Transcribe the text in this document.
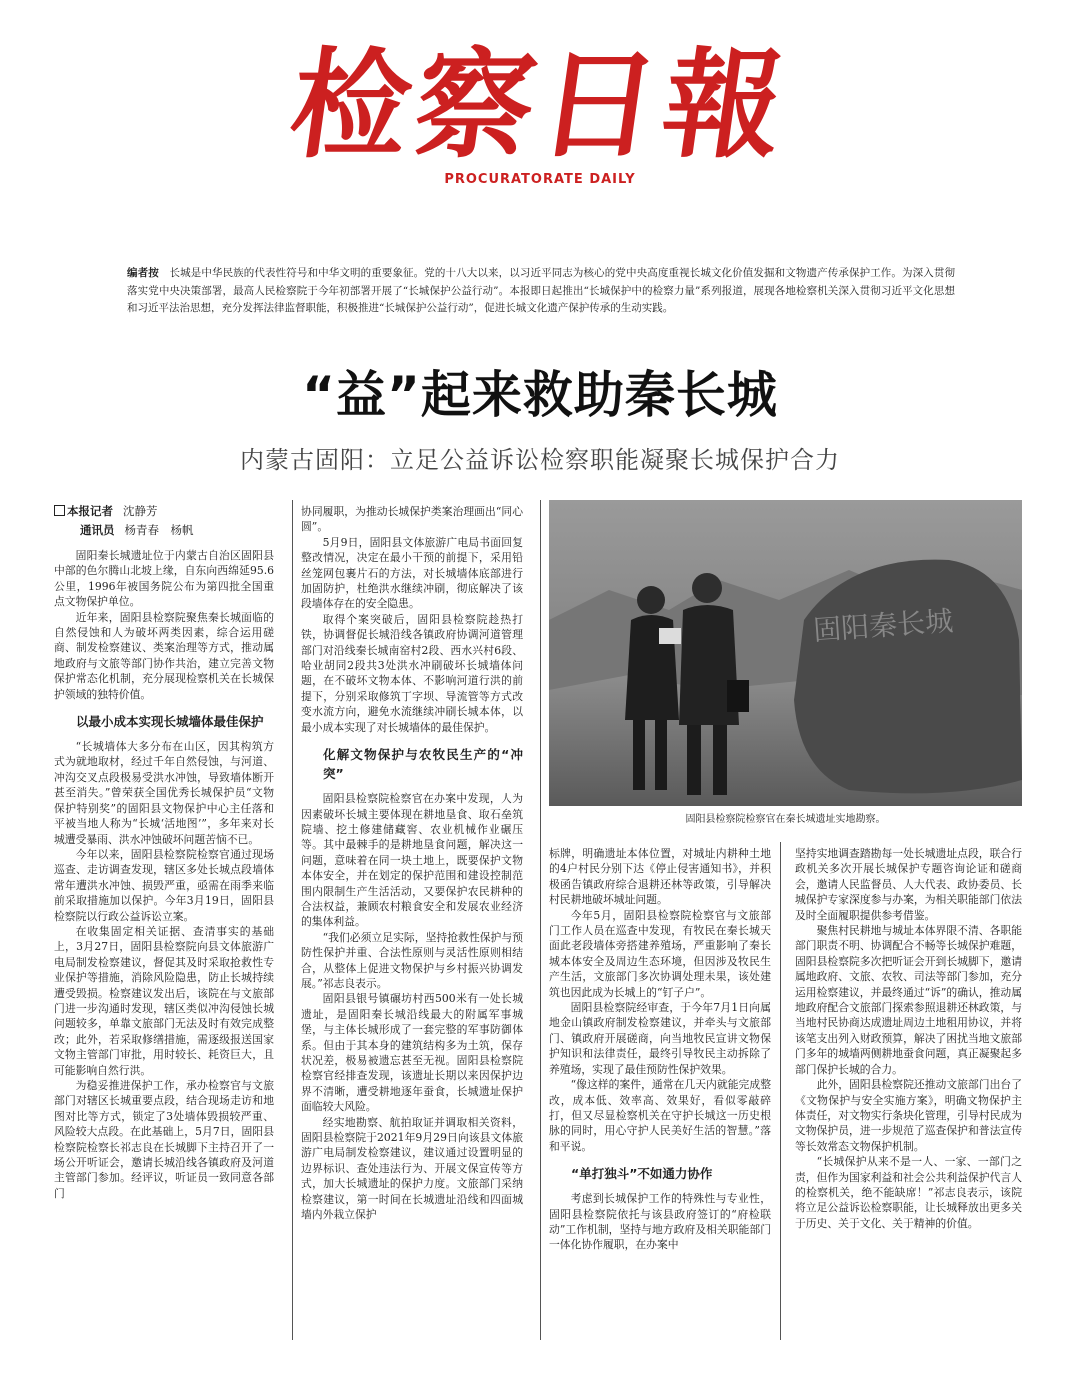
检察日報
PROCURATORATE DAILY
编者按　 长城是中华民族的代表性符号和中华文明的重要象征。党的十八大以来，以习近平同志为核心的党中央高度重视长城文化价值发掘和文物遗产传承保护工作。为深入贯彻落实党中央决策部署，最高人民检察院于今年初部署开展了“长城保护公益行动”。本报即日起推出“长城保护中的检察力量”系列报道，展现各地检察机关深入贯彻习近平文化思想和习近平法治思想，充分发挥法律监督职能，积极推进“长城保护公益行动”，促进长城文化遗产保护传承的生动实践。
“益”起来救助秦长城
内蒙古固阳：立足公益诉讼检察职能凝聚长城保护合力
本报记者 沈静芳
通讯员 杨青春　杨帆

固阳秦长城遗址位于内蒙古自治区固阳县中部的色尔腾山北坡上缘，自东向西绵延95.6公里，1996年被国务院公布为第四批全国重点文物保护单位。

近年来，固阳县检察院聚焦秦长城面临的自然侵蚀和人为破坏两类因素，综合运用磋商、制发检察建议、类案治理等方式，推动属地政府与文旅等部门协作共治，建立完善文物保护常态化机制，充分展现检察机关在长城保护领域的独特价值。

以最小成本实现长城墙体最佳保护

“长城墙体大多分布在山区，因其构筑方式为就地取材，经过千年自然侵蚀，与河道、冲沟交叉点段极易受洪水冲蚀，导致墙体断开甚至消失。”曾荣获全国优秀长城保护员“文物保护特别奖”的固阳县文物保护中心主任落和平被当地人称为“长城‘活地图’”，多年来对长城遭受暴雨、洪水冲蚀破坏问题苦恼不已。

今年以来，固阳县检察院检察官通过现场巡查、走访调查发现，辖区多处长城点段墙体常年遭洪水冲蚀、损毁严重，亟需在雨季来临前采取措施加以保护。今年3月19日，固阳县检察院以行政公益诉讼立案。

在收集固定相关证据、查清事实的基础上，3月27日，固阳县检察院向县文体旅游广电局制发检察建议，督促其及时采取抢救性专业保护等措施，消除风险隐患，防止长城持续遭受毁损。检察建议发出后，该院在与文旅部门进一步沟通时发现，辖区类似冲沟侵蚀长城问题较多，单靠文旅部门无法及时有效完成整改；此外，若采取修缮措施，需逐级报送国家文物主管部门审批，用时较长、耗资巨大，且可能影响自然行洪。

为稳妥推进保护工作，承办检察官与文旅部门对辖区长城重要点段，结合现场走访和地图对比等方式，锁定了3处墙体毁损较严重、风险较大点段。在此基础上，5月7日，固阳县检察院检察长祁志良在长城脚下主持召开了一场公开听证会，邀请长城沿线各镇政府及河道主管部门参加。经评议，听证员一致同意各部门

协同履职，为推动长城保护类案治理画出“同心圆”。

5月9日，固阳县文体旅游广电局书面回复整改情况，决定在最小干预的前提下，采用铅丝笼网包裹片石的方法，对长城墙体底部进行加固防护，杜绝洪水继续冲刷，彻底解决了该段墙体存在的安全隐患。

取得个案突破后，固阳县检察院趁热打铁，协调督促长城沿线各镇政府协调河道管理部门对沿线秦长城南窑村2段、西水兴村6段、哈业胡同2段共3处洪水冲刷破坏长城墙体问题，在不破坏文物本体、不影响河道行洪的前提下，分别采取修筑丁字坝、导流管等方式改变水流方向，避免水流继续冲刷长城本体，以最小成本实现了对长城墙体的最佳保护。

化解文物保护与农牧民生产的“冲突”

固阳县检察院检察官在办案中发现，人为因素破坏长城主要体现在耕地垦食、取石垒筑院墙、挖土修建储藏窖、农业机械作业碾压等。其中最棘手的是耕地垦食问题，解决这一问题，意味着在同一块土地上，既要保护文物本体安全，并在划定的保护范围和建设控制范围内限制生产生活活动，又要保护农民耕种的合法权益，兼顾农村粮食安全和发展农业经济的集体利益。

“我们必须立足实际，坚持抢救性保护与预防性保护并重、合法性原则与灵活性原则相结合，从整体上促进文物保护与乡村振兴协调发展。”祁志良表示。

固阳县银号镇碾坊村西500米有一处长城遗址，是固阳秦长城沿线最大的附属军事城堡，与主体长城形成了一套完整的军事防御体系。但由于其本身的建筑结构多为土筑，保存状况差，极易被遗忘甚至无视。固阳县检察院检察官经排查发现，该遗址长期以来因保护边界不清晰，遭受耕地逐年蚕食，长城遗址保护面临较大风险。

经实地勘察、航拍取证并调取相关资料，固阳县检察院于2021年9月29日向该县文体旅游广电局制发检察建议，建议通过设置明显的边界标识、查处违法行为、开展文保宣传等方式，加大长城遗址的保护力度。文旅部门采纳检察建议，第一时间在长城遗址沿线和四面城墙内外栽立保护

固阳秦长城
固阳县检察院检察官在秦长城遗址实地勘察。

标牌，明确遗址本体位置，对城址内耕种土地的4户村民分别下达《停止侵害通知书》，并积极函告镇政府综合退耕还林等政策，引导解决村民耕地破坏城址问题。

今年5月，固阳县检察院检察官与文旅部门工作人员在巡查中发现，有牧民在秦长城天面此老段墙体旁搭建养殖场，严重影响了秦长城本体安全及周边生态环境，但因涉及牧民生产生活，文旅部门多次协调处理未果，该处建筑也因此成为长城上的“钉子户”。

固阳县检察院经审查，于今年7月1日向属地金山镇政府制发检察建议，并牵头与文旅部门、镇政府开展磋商，向当地牧民宣讲文物保护知识和法律责任，最终引导牧民主动拆除了养殖场，实现了最佳预防性保护效果。

“像这样的案件，通常在几天内就能完成整改，成本低、效率高、效果好，看似零敲碎打，但又尽显检察机关在守护长城这一历史根脉的同时，用心守护人民美好生活的智慧。”落和平说。

“单打独斗”不如通力协作

考虑到长城保护工作的特殊性与专业性，固阳县检察院依托与该县政府签订的“府检联动”工作机制，坚持与地方政府及相关职能部门一体化协作履职，在办案中

坚持实地调查踏勘每一处长城遗址点段，联合行政机关多次开展长城保护专题咨询论证和磋商会，邀请人民监督员、人大代表、政协委员、长城保护专家深度参与办案，为相关职能部门依法及时全面履职提供参考借鉴。

聚焦村民耕地与城址本体界限不清、各职能部门职责不明、协调配合不畅等长城保护难题，固阳县检察院多次把听证会开到长城脚下，邀请属地政府、文旅、农牧、司法等部门参加，充分运用检察建议，并最终通过“诉”的确认，推动属地政府配合文旅部门探索参照退耕还林政策，与当地村民协商达成遗址周边土地租用协议，并将该笔支出列入财政预算，解决了困扰当地文旅部门多年的城墙两侧耕地蚕食问题，真正凝聚起多部门保护长城的合力。

此外，固阳县检察院还推动文旅部门出台了《文物保护与安全实施方案》，明确文物保护主体责任，对文物实行条块化管理，引导村民成为文物保护员，进一步规范了巡查保护和普法宣传等长效常态文物保护机制。

“长城保护从来不是一人、一家、一部门之责，但作为国家利益和社会公共利益保护代言人的检察机关，绝不能缺席！”祁志良表示，该院将立足公益诉讼检察职能，让长城释放出更多关于历史、关于文化、关于精神的价值。
